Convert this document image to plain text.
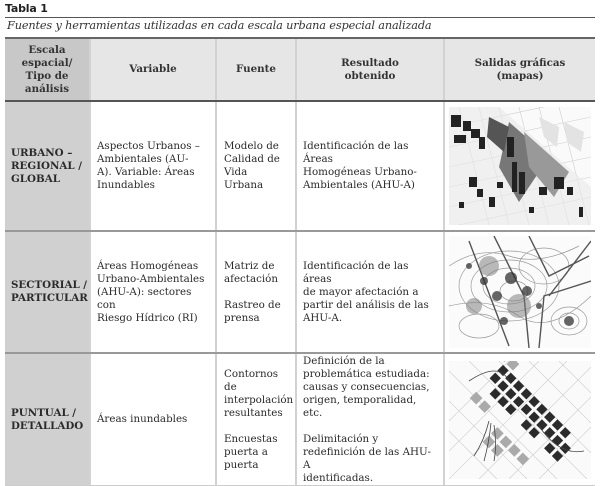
Tabla 1
Fuentes y herramientas utilizadas en cada escala urbana especial analizada
Escala
espacial/
Tipo de
análisis
Variable	Fuente
Resultado
obtenido
Salidas gráficas
(mapas)
URBANO –
REGIONAL /
GLOBAL
Aspectos Urbanos –
Ambientales (AU-
A). Variable: Áreas
Inundables
Modelo de
Calidad de
Vida Urbana
Identificación de las Áreas
Homogéneas Urbano-
Ambientales (AHU-A)
SECTORIAL /
PARTICULAR
Áreas Homogéneas
Urbano-Ambientales
(AHU-A): sectores con
Riesgo Hídrico (RI)
Matriz de
afectación
Rastreo de
prensa
Identificación de las áreas
de mayor afectación a
partir del análisis de las
AHU-A.
PUNTUAL /
DETALLADO
Áreas inundables
Contornos de
interpolación
resultantes
Encuestas
puerta a
puerta
Definición de la
problemática estudiada:
causas y consecuencias,
origen, temporalidad, etc.
Delimitación y
redefinición de las AHU-A
identificadas.
